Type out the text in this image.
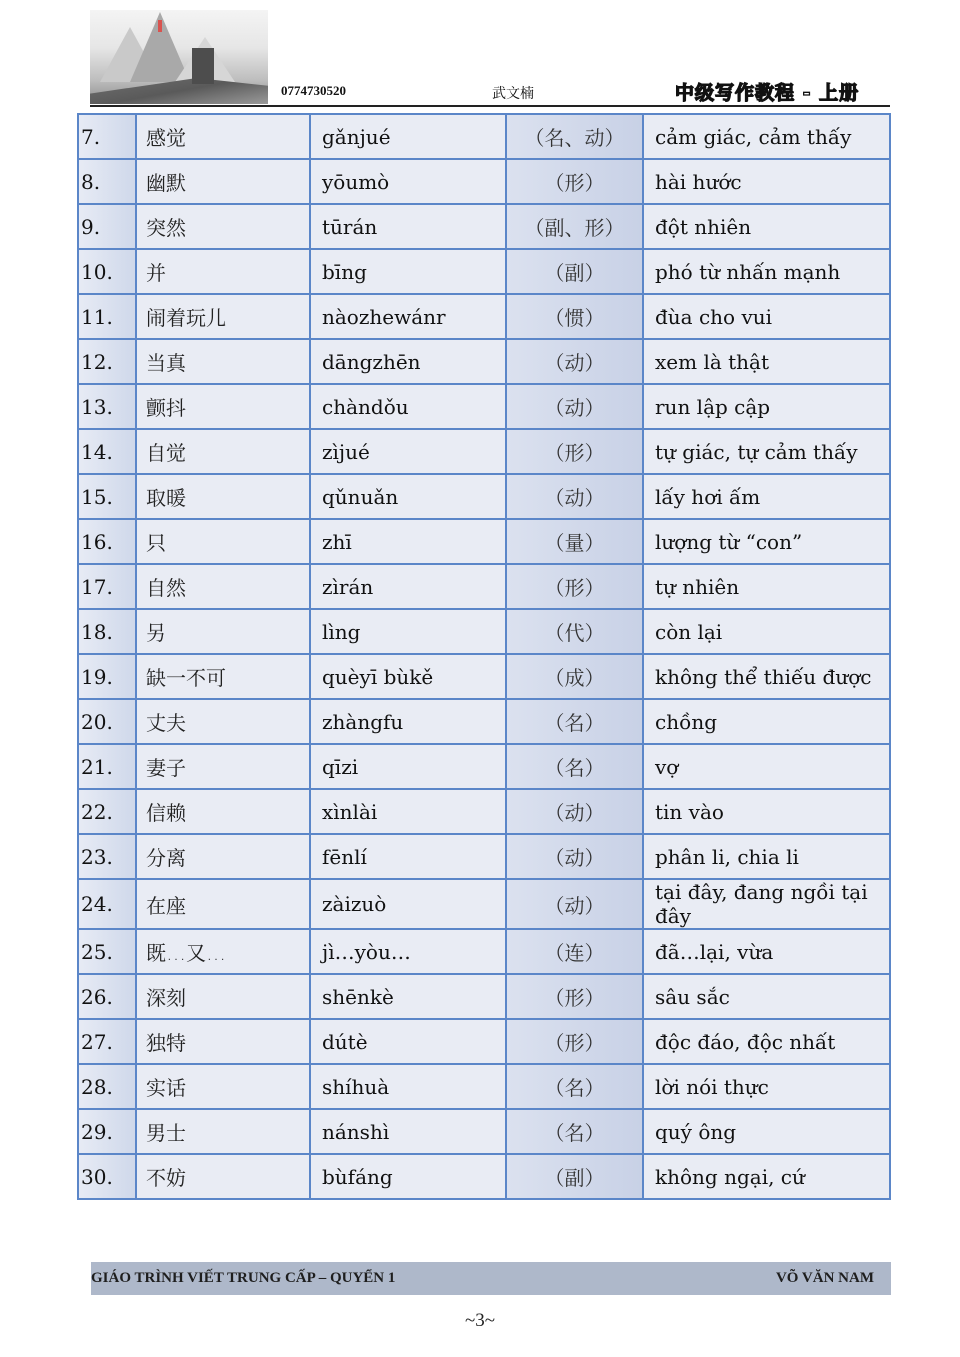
0774730520	武文楠	中级写作教程 - 上册
7.	感觉	gǎnjué	（名、动）	cảm giác, cảm thấy
8.	幽默	yōumò	（形）	hài hước
9.	突然	tūrán	（副、形）	đột nhiên
10.	并	bīng	（副）	phó từ nhấn mạnh
11.	闹着玩儿	nàozhewánr	（惯）	đùa cho vui
12.	当真	dāngzhēn	（动）	xem là thật
13.	颤抖	chàndǒu	（动）	run lập cập
14.	自觉	zìjué	（形）	tự giác, tự cảm thấy
15.	取暖	qǔnuǎn	（动）	lấy hơi ấm
16.	只	zhī	（量）	lượng từ “con”
17.	自然	zìrán	（形）	tự nhiên
18.	另	lìng	（代）	còn lại
19.	缺一不可	quèyī bùkě	（成）	không thể thiếu được
20.	丈夫	zhàngfu	（名）	chồng
21.	妻子	qīzi	（名）	vợ
22.	信赖	xìnlài	（动）	tin vào
23.	分离	fēnlí	（动）	phân li, chia li
24.	在座	zàizuò	（动）	tại đây, đang ngồi tại đây
25.	既…又…	jì…yòu…	（连）	đã…lại, vừa
26.	深刻	shēnkè	（形）	sâu sắc
27.	独特	dútè	（形）	độc đáo, độc nhất
28.	实话	shíhuà	（名）	lời nói thực
29.	男士	nánshì	（名）	quý ông
30.	不妨	bùfáng	（副）	không ngại, cứ
GIÁO TRÌNH VIẾT TRUNG CẤP – QUYỂN 1	VÕ VĂN NAM
~3~
